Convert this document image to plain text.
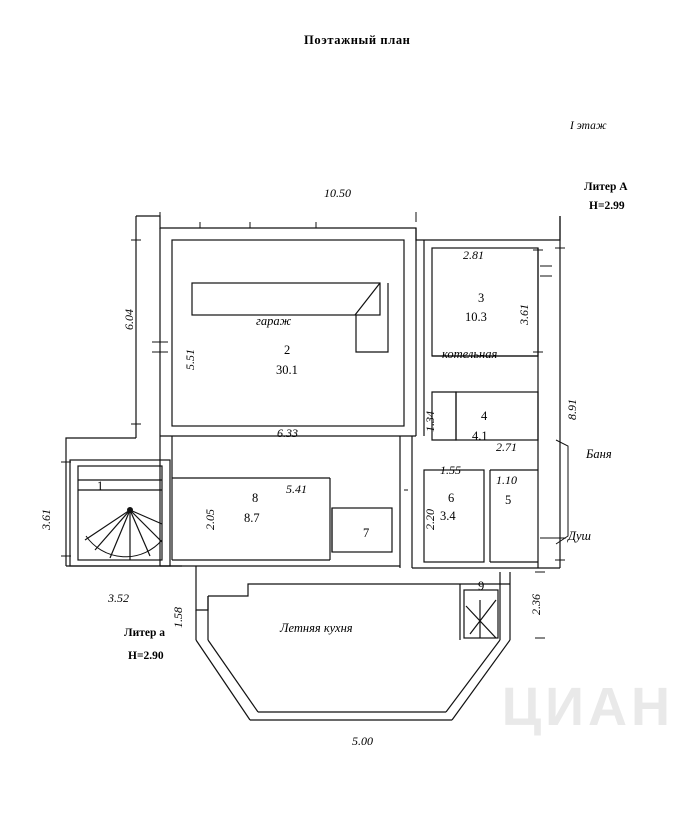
Поэтажный план
I этаж
Литер А
H=2.99
Литер а
H=2.90
Баня
Душ
10.50
5.00
6.04
3.61
3.61
8.91
2.36
5.51
6.33
2.81
1.34
2.71
1.55
1.10
2.20
2.05
5.41
3.52
1.58
гараж
2
30.1
котельная
3
10.3
1
4
4.1
5
6
3.4
7
8
8.7
9
Летняя кухня
ЦИАН
